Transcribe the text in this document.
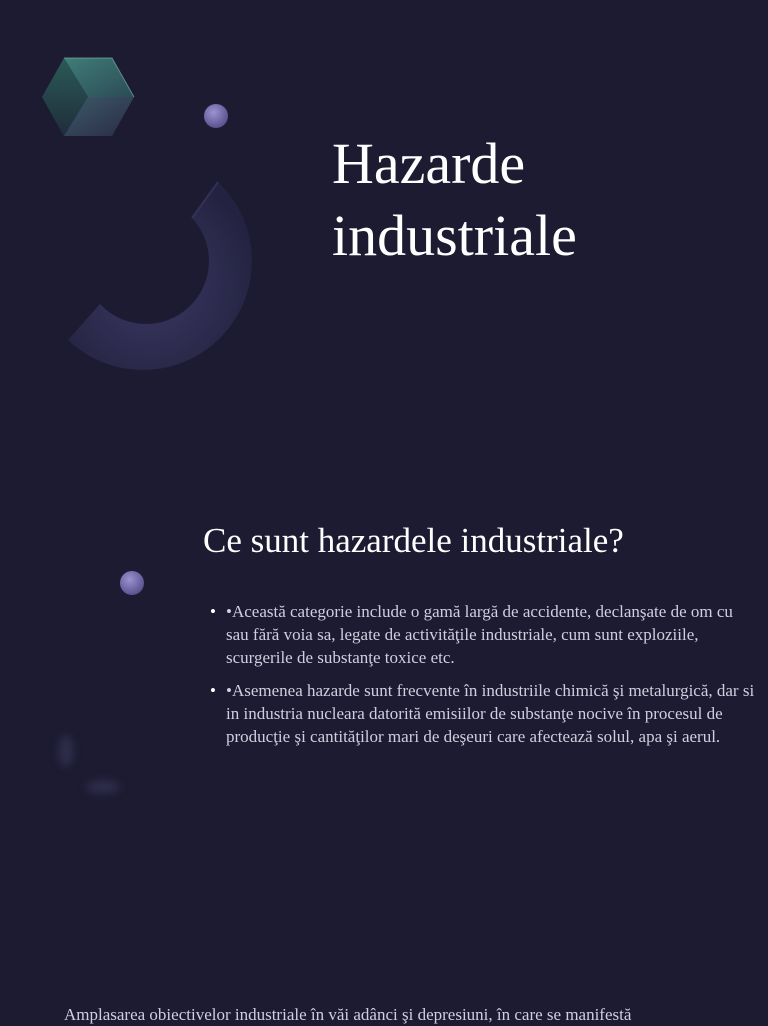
Hazarde
industriale
Ce sunt hazardele industriale?
• •Această categorie include o gamă largă de accidente, declanşate de om cu sau fără voia sa, legate de activităţile industriale, cum sunt exploziile, scurgerile de substanţe toxice etc.
• •Asemenea hazarde sunt frecvente în industriile chimică şi metalurgică, dar si in industria nucleara datorită emisiilor de substanţe nocive în procesul de producţie şi cantităţilor mari de deşeuri care afectează solul, apa şi aerul.

Amplasarea obiectivelor industriale în văi adânci şi depresiuni, în care se manifestă
